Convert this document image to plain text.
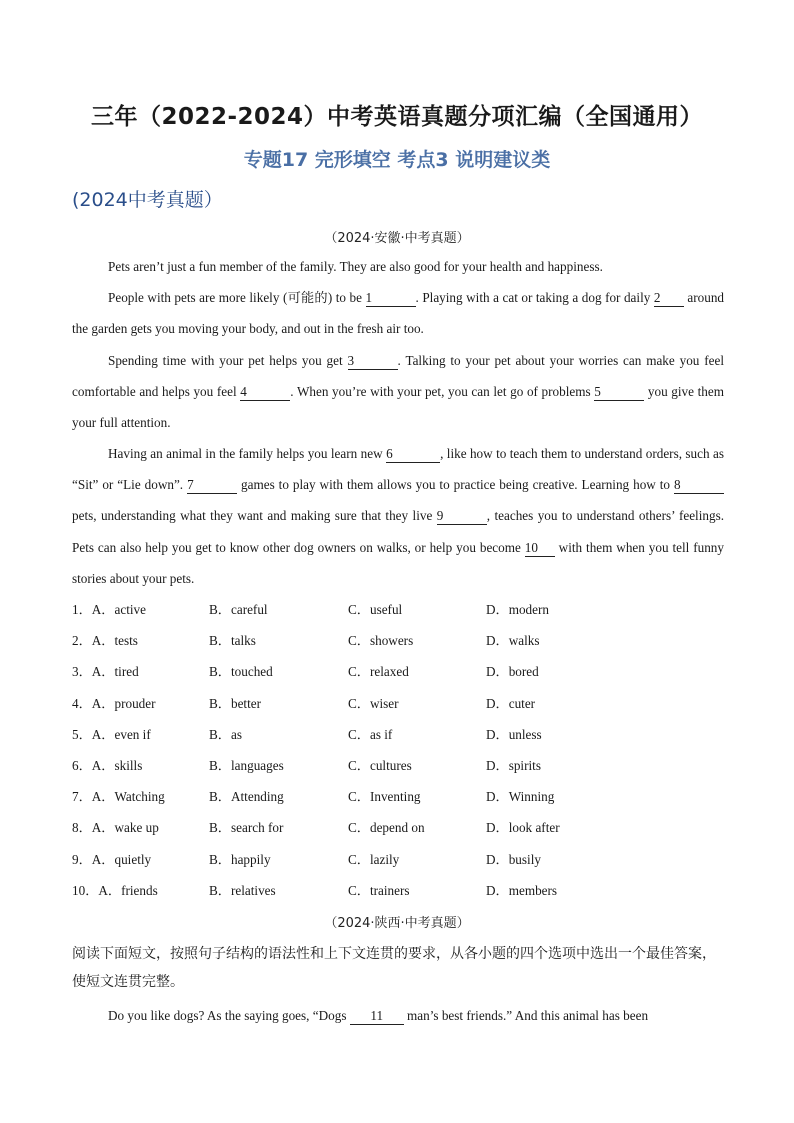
三年（2022-2024）中考英语真题分项汇编（全国通用）
专题17 完形填空 考点3 说明建议类
(2024中考真题）
（2024·安徽·中考真题）
Pets aren’t just a fun member of the family. They are also good for your health and happiness.
People with pets are more likely (可能的) to be 1	. Playing with a cat or taking a dog for daily 2 around the garden gets you moving your body, and out in the fresh air too.
Spending time with your pet helps you get 3	. Talking to your pet about your worries can make you feel comfortable and helps you feel 4	. When you’re with your pet, you can let go of problems 5	you give them your full attention.
Having an animal in the family helps you learn new 6	, like how to teach them to understand orders, such as “Sit” or “Lie down”. 7	games to play with them allows you to practice being creative. Learning how to 8 pets, understanding what they want and making sure that they live 9	, teaches you to understand others’ feelings. Pets can also help you get to know other dog owners on walks, or help you become 10 with them when you tell funny stories about your pets.
1．A．active	B．careful	C．useful	D．modern
2．A．tests	B．talks	C．showers	D．walks
3．A．tired	B．touched	C．relaxed	D．bored
4．A．prouder	B．better	C．wiser	D．cuter
5．A．even if	B．as	C．as if	D．unless
6．A．skills	B．languages	C．cultures	D．spirits
7．A．Watching	B．Attending	C．Inventing	D．Winning
8．A．wake up	B．search for	C．depend on	D．look after
9．A．quietly	B．happily	C．lazily	D．busily
10．A．friends	B．relatives	C．trainers	D．members
（2024·陕西·中考真题）
阅读下面短文，按照句子结构的语法性和上下文连贯的要求，从各小题的四个选项中选出一个最佳答案，使短文连贯完整。
Do you like dogs? As the saying goes, “Dogs 11 man’s best friends.” And this animal has been
